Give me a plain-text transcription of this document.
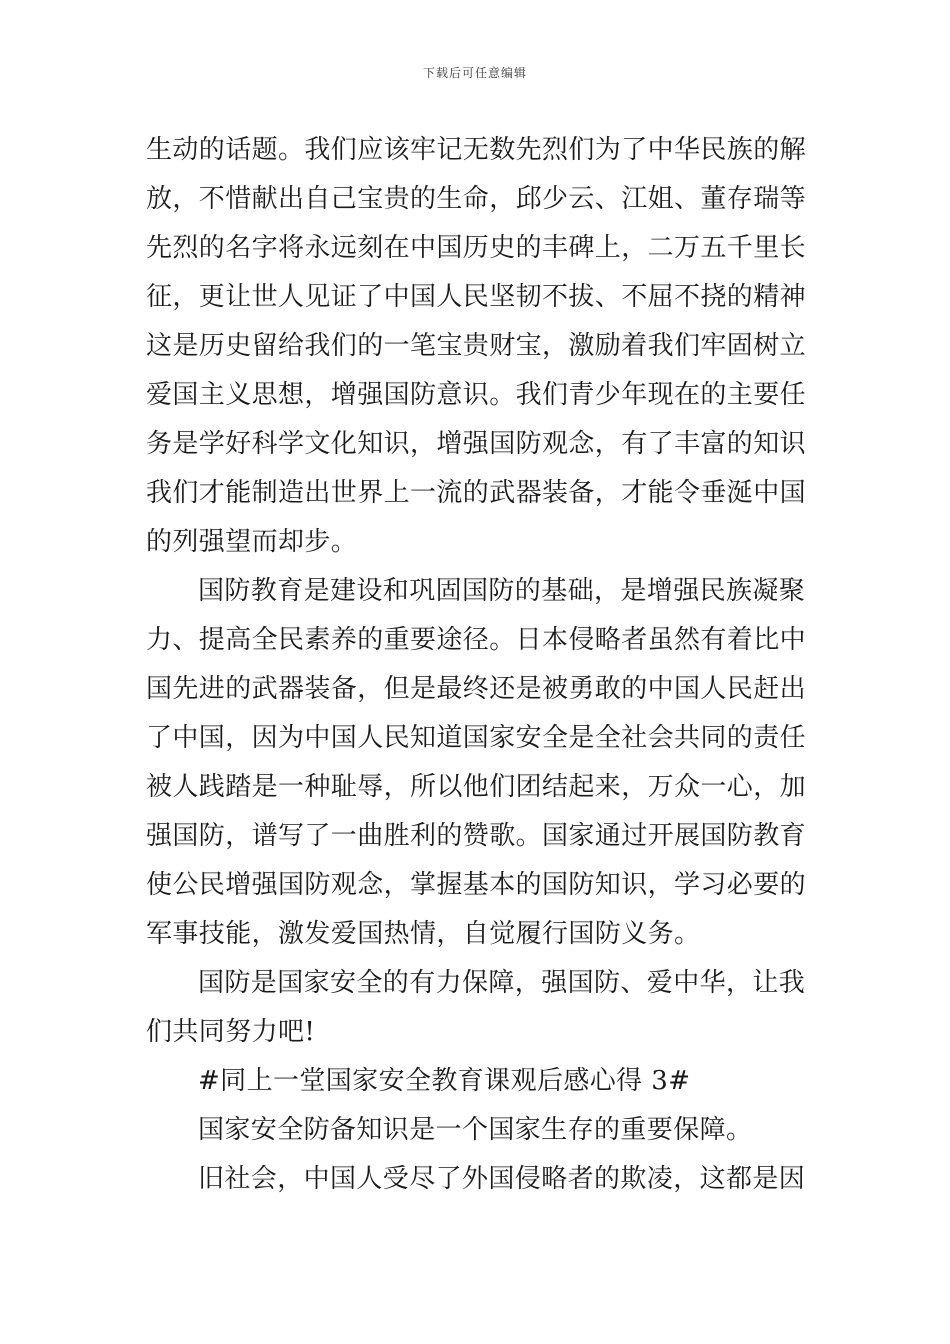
下载后可任意编辑
生动的话题。我们应该牢记无数先烈们为了中华民族的解
放，不惜献出自己宝贵的生命，邱少云、江姐、董存瑞等
先烈的名字将永远刻在中国历史的丰碑上，二万五千里长
征，更让世人见证了中国人民坚韧不拔、不屈不挠的精神
这是历史留给我们的一笔宝贵财宝，激励着我们牢固树立
爱国主义思想，增强国防意识。我们青少年现在的主要任
务是学好科学文化知识，增强国防观念，有了丰富的知识
我们才能制造出世界上一流的武器装备，才能令垂涎中国
的列强望而却步。
国防教育是建设和巩固国防的基础，是增强民族凝聚
力、提高全民素养的重要途径。日本侵略者虽然有着比中
国先进的武器装备，但是最终还是被勇敢的中国人民赶出
了中国，因为中国人民知道国家安全是全社会共同的责任
被人践踏是一种耻辱，所以他们团结起来，万众一心，加
强国防，谱写了一曲胜利的赞歌。国家通过开展国防教育
使公民增强国防观念，掌握基本的国防知识，学习必要的
军事技能，激发爱国热情，自觉履行国防义务。
国防是国家安全的有力保障，强国防、爱中华，让我
们共同努力吧!
#同上一堂国家安全教育课观后感心得 3#
国家安全防备知识是一个国家生存的重要保障。
旧社会，中国人受尽了外国侵略者的欺凌，这都是因
